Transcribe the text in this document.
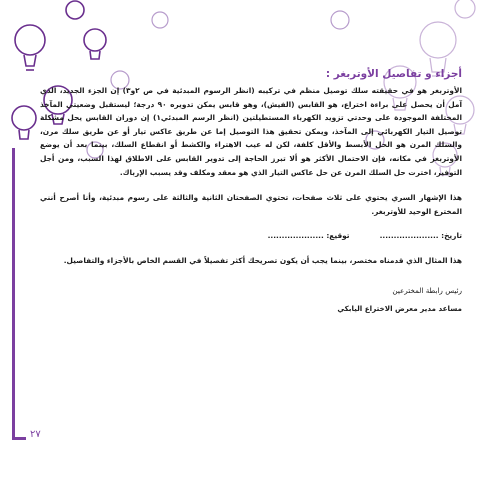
٢٧
أجزاء و تفاصيل الأوتربغر :

الأوتربغر هو في حقيقته سلك توصيل منظم في تركيبه (انظر الرسوم المبدئية في ص ٢و٣) إن الجزء الجديد، الذي آمل أن يحصل على براءة اختراع، هو القابس (الفيش)، وهو قابس يمكن تدويره ٩٠ درجة؛ ليستقبل وضعيتي المآخذ المختلفة الموجودة على وحدتي تزويد الكهرباء المستطيلتين (انظر الرسم المبدئي١) إن دوران القابس يحل مشكلة توصيل التيار الكهربائي إلى المآخذ، ويمكن تحقيق هذا التوصيل إما عن طريق عاكس تيار أو عن طريق سلك مرن، والسلك المرن هو الحل الأبسط والأقل كلفة، لكن له عيب الاهتراء والكشط أو انقطاع السلك، بينما بعد أن يوضع الأوتربغر في مكانه، فإن الاحتمال الأكثر هو ألا تبرز الحاجة إلى تدوير القابس على الاطلاق لهذا السبب، ومن أجل التوفير، اخترت حل السلك المرن عن حل عاكس التيار الذي هو معقد ومكلف وقد يسبب الإرباك.

هذا الإشهار السري يحتوي على ثلاث صفحات، تحتوي الصفحتان الثانية والثالثة على رسوم مبدئية، وأنا أصرح أنني المخترع الوحيد للأوتربغر.

تاريخ: .....................
توقيع: ....................

هذا المثال الذي قدمناه مختصر، بينما يجب أن يكون تصريحك أكثر تفصيلاً في القسم الخاص بالأجزاء والتفاصيل.

رئيس رابطة المخترعين
مساعد مدير معرض الاختراع اليابكي
